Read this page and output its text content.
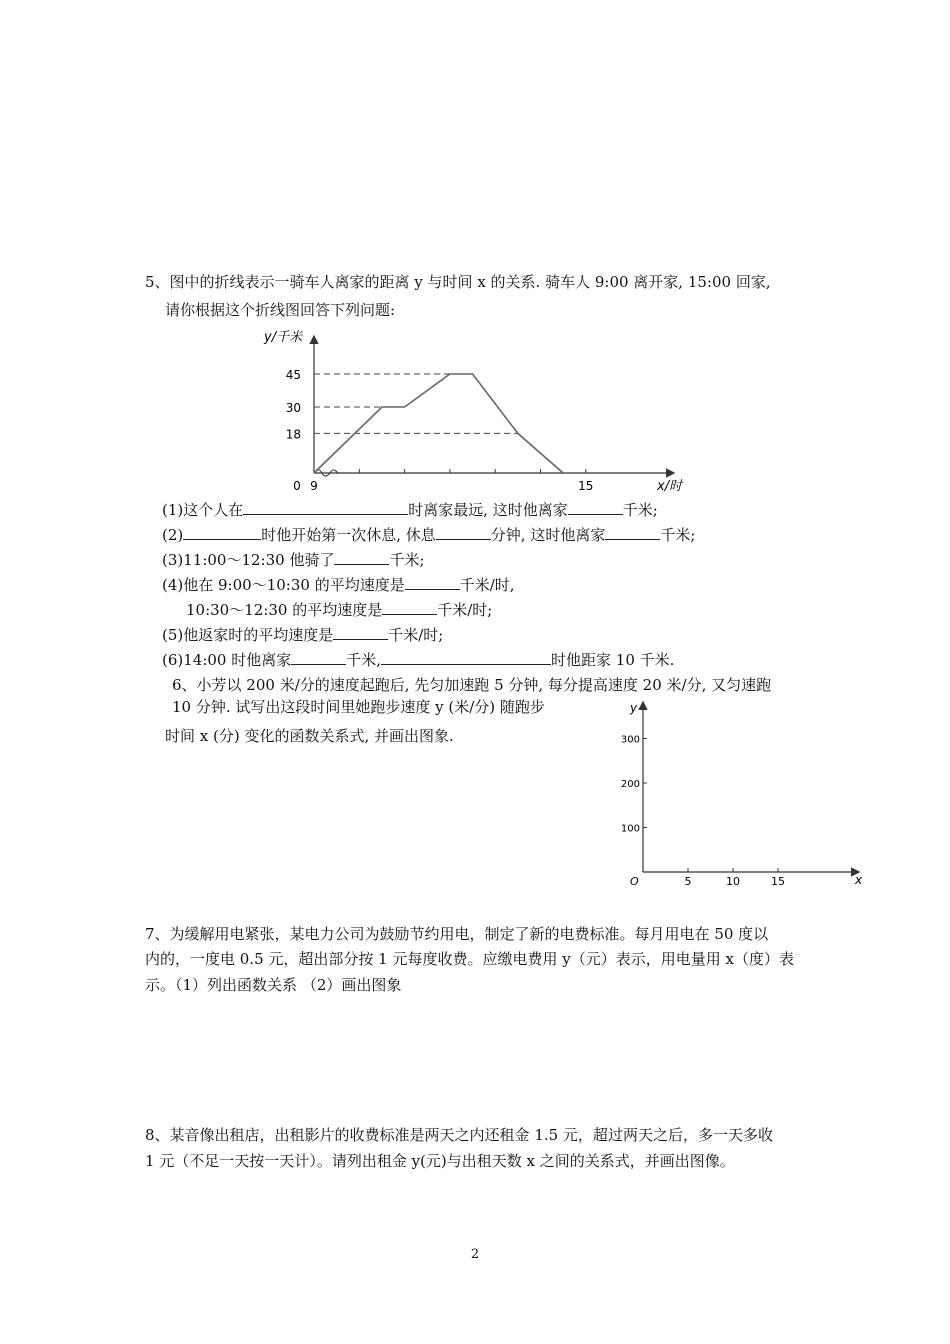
5、图中的折线表示一骑车人离家的距离 y 与时间 x 的关系. 骑车人 9:00 离开家, 15:00 回家,
请你根据这个折线图回答下列问题:
18
30
45
9	15
0
y/千米
x/时
(1)这个人在	时离家最远, 这时他离家	千米;
(2)	时他开始第一次休息, 休息	分钟, 这时他离家	千米;
(3)11:00～12:30 他骑了	千米;
(4)他在 9:00～10:30 的平均速度是	千米/时,
10:30～12:30 的平均速度是	千米/时;
(5)他返家时的平均速度是	千米/时;
(6)14:00 时他离家	千米,	时他距家 10 千米.
6、小芳以 200 米/分的速度起跑后, 先匀加速跑 5 分钟, 每分提高速度 20 米/分, 又匀速跑
10 分钟. 试写出这段时间里她跑步速度 y (米/分) 随跑步
时间 x (分) 变化的函数关系式, 并画出图象.
5	10	15
100
200
300
O
y
x
7、为缓解用电紧张，某电力公司为鼓励节约用电，制定了新的电费标准。每月用电在 50 度以
内的，一度电 0.5 元，超出部分按 1 元每度收费。应缴电费用 y（元）表示，用电量用 x（度）表
示。（1）列出函数关系 （2）画出图象
8、某音像出租店，出租影片的收费标准是两天之内还租金 1.5 元，超过两天之后，多一天多收
1 元（不足一天按一天计）。请列出租金 y(元)与出租天数 x 之间的关系式，并画出图像。
2
